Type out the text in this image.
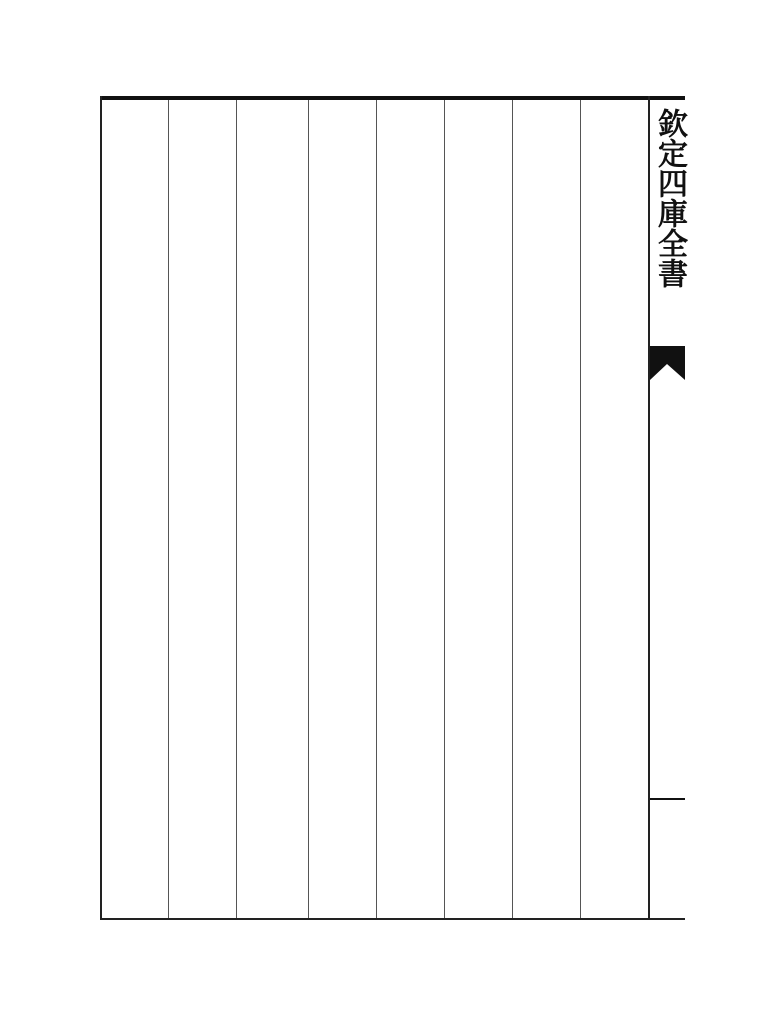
欽定四庫全書
